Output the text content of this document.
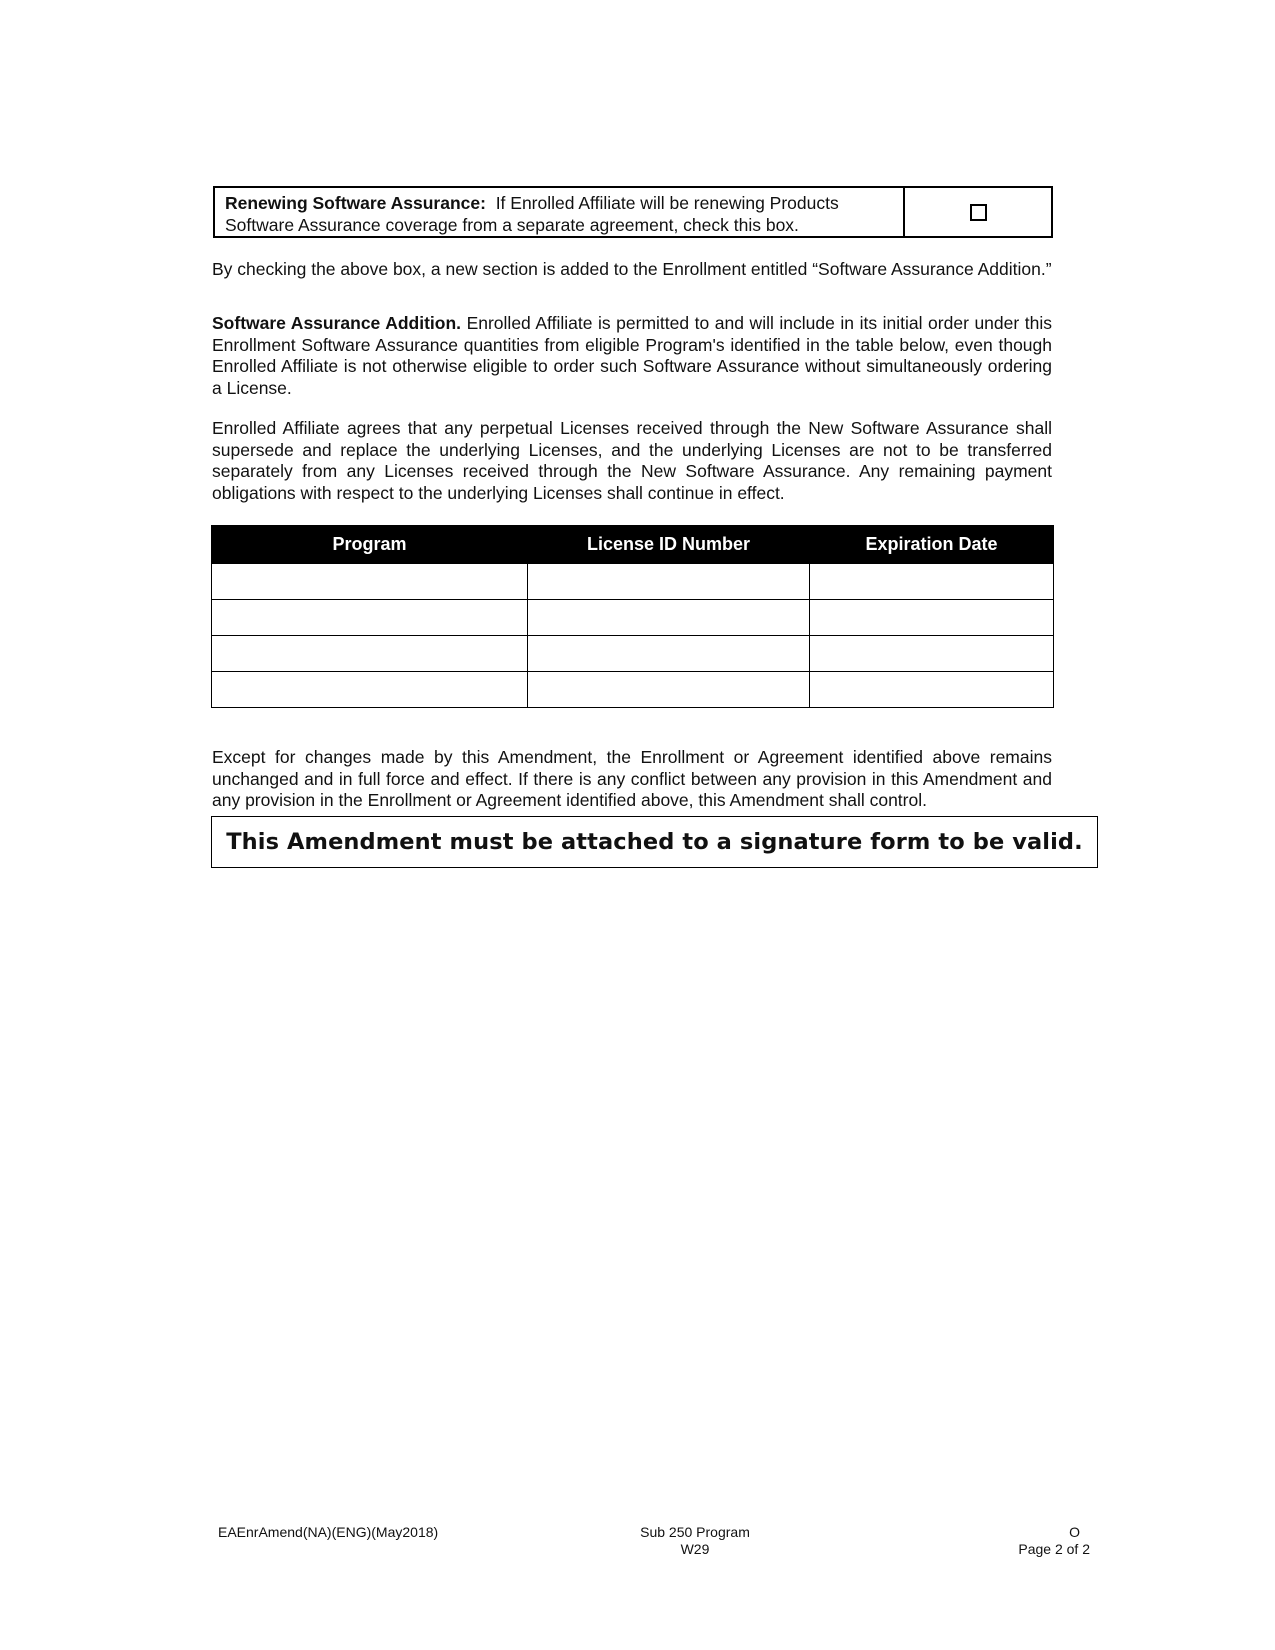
Renewing Software Assurance: If Enrolled Affiliate will be renewing Products
Software Assurance coverage from a separate agreement, check this box.

By checking the above box, a new section is added to the Enrollment entitled “Software Assurance Addition.”

Software Assurance Addition. Enrolled Affiliate is permitted to and will include in its initial order under this Enrollment Software Assurance quantities from eligible Program's identified in the table below, even though Enrolled Affiliate is not otherwise eligible to order such Software Assurance without simultaneously ordering a License.

Enrolled Affiliate agrees that any perpetual Licenses received through the New Software Assurance shall supersede and replace the underlying Licenses, and the underlying Licenses are not to be transferred separately from any Licenses received through the New Software Assurance. Any remaining payment obligations with respect to the underlying Licenses shall continue in effect.

Program	License ID Number	Expiration Date

Except for changes made by this Amendment, the Enrollment or Agreement identified above remains unchanged and in full force and effect. If there is any conflict between any provision in this Amendment and any provision in the Enrollment or Agreement identified above, this Amendment shall control.

This Amendment must be attached to a signature form to be valid.
EAEnrAmend(NA)(ENG)(May2018)	Sub 250 Program
W29
O
Page 2 of 2
